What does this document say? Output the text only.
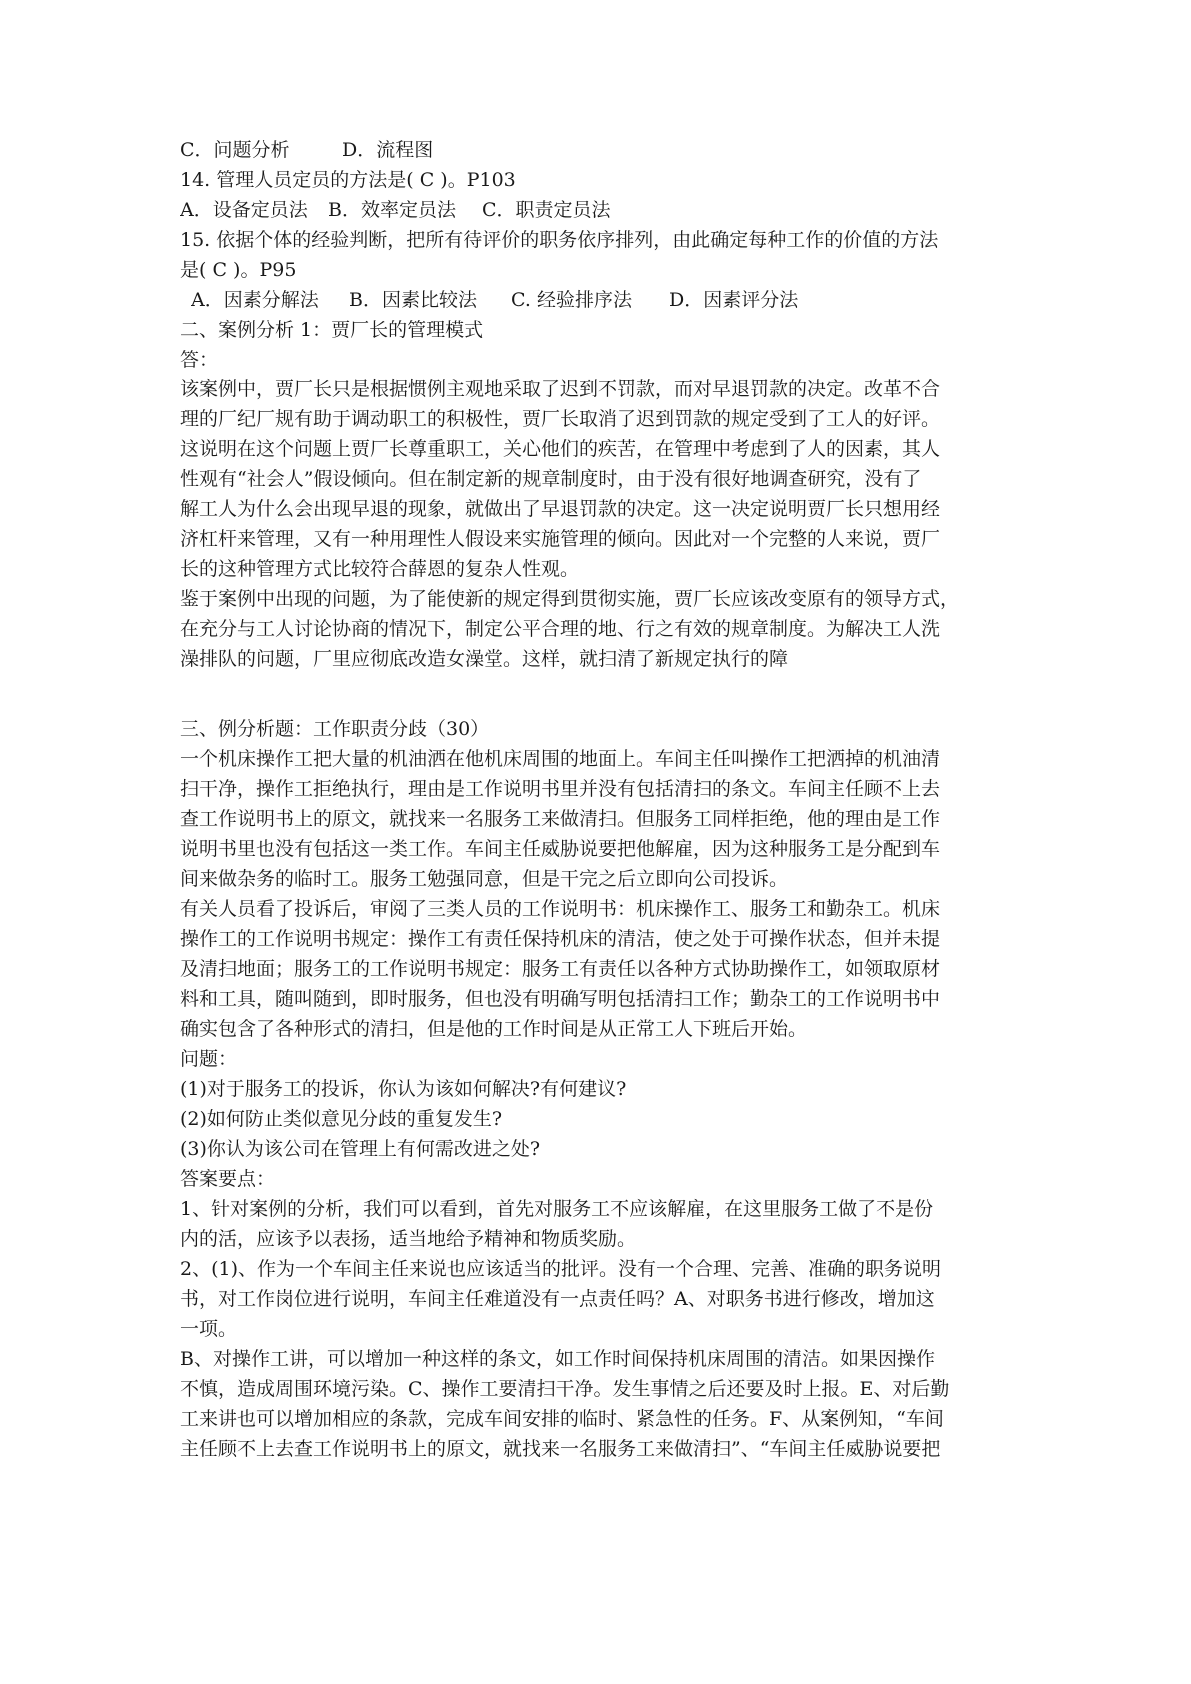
C．问题分析	D．流程图
14. 管理人员定员的方法是( C )。P103
A．设备定员法 B．效率定员法 C．职责定员法
15. 依据个体的经验判断，把所有待评价的职务依序排列，由此确定每种工作的价值的方法
是( C )。P95
A．因素分解法 B．因素比较法 C. 经验排序法 D．因素评分法
二、案例分析 1：贾厂长的管理模式
答：
该案例中，贾厂长只是根据惯例主观地采取了迟到不罚款，而对早退罚款的决定。改革不合
理的厂纪厂规有助于调动职工的积极性，贾厂长取消了迟到罚款的规定受到了工人的好评。
这说明在这个问题上贾厂长尊重职工，关心他们的疾苦，在管理中考虑到了人的因素，其人
性观有“社会人”假设倾向。但在制定新的规章制度时，由于没有很好地调查研究，没有了
解工人为什么会出现早退的现象，就做出了早退罚款的决定。这一决定说明贾厂长只想用经
济杠杆来管理，又有一种用理性人假设来实施管理的倾向。因此对一个完整的人来说，贾厂
长的这种管理方式比较符合薛恩的复杂人性观。
鉴于案例中出现的问题，为了能使新的规定得到贯彻实施，贾厂长应该改变原有的领导方式，
在充分与工人讨论协商的情况下，制定公平合理的地、行之有效的规章制度。为解决工人洗
澡排队的问题，厂里应彻底改造女澡堂。这样，就扫清了新规定执行的障
三、例分析题：工作职责分歧（30）
一个机床操作工把大量的机油洒在他机床周围的地面上。车间主任叫操作工把洒掉的机油清
扫干净，操作工拒绝执行，理由是工作说明书里并没有包括清扫的条文。车间主任顾不上去
查工作说明书上的原文，就找来一名服务工来做清扫。但服务工同样拒绝，他的理由是工作
说明书里也没有包括这一类工作。车间主任威胁说要把他解雇，因为这种服务工是分配到车
间来做杂务的临时工。服务工勉强同意，但是干完之后立即向公司投诉。
有关人员看了投诉后，审阅了三类人员的工作说明书：机床操作工、服务工和勤杂工。机床
操作工的工作说明书规定：操作工有责任保持机床的清洁，使之处于可操作状态，但并未提
及清扫地面；服务工的工作说明书规定：服务工有责任以各种方式协助操作工，如领取原材
料和工具，随叫随到，即时服务，但也没有明确写明包括清扫工作；勤杂工的工作说明书中
确实包含了各种形式的清扫，但是他的工作时间是从正常工人下班后开始。
问题：
(1)对于服务工的投诉，你认为该如何解决?有何建议?
(2)如何防止类似意见分歧的重复发生?
(3)你认为该公司在管理上有何需改进之处?
答案要点：
1、针对案例的分析，我们可以看到，首先对服务工不应该解雇，在这里服务工做了不是份
内的活，应该予以表扬，适当地给予精神和物质奖励。
2、(1)、作为一个车间主任来说也应该适当的批评。没有一个合理、完善、准确的职务说明
书，对工作岗位进行说明，车间主任难道没有一点责任吗？A、对职务书进行修改，增加这
一项。
B、对操作工讲，可以增加一种这样的条文，如工作时间保持机床周围的清洁。如果因操作
不慎，造成周围环境污染。C、操作工要清扫干净。发生事情之后还要及时上报。E、对后勤
工来讲也可以增加相应的条款，完成车间安排的临时、紧急性的任务。F、从案例知，“车间
主任顾不上去查工作说明书上的原文，就找来一名服务工来做清扫”、“车间主任威胁说要把
